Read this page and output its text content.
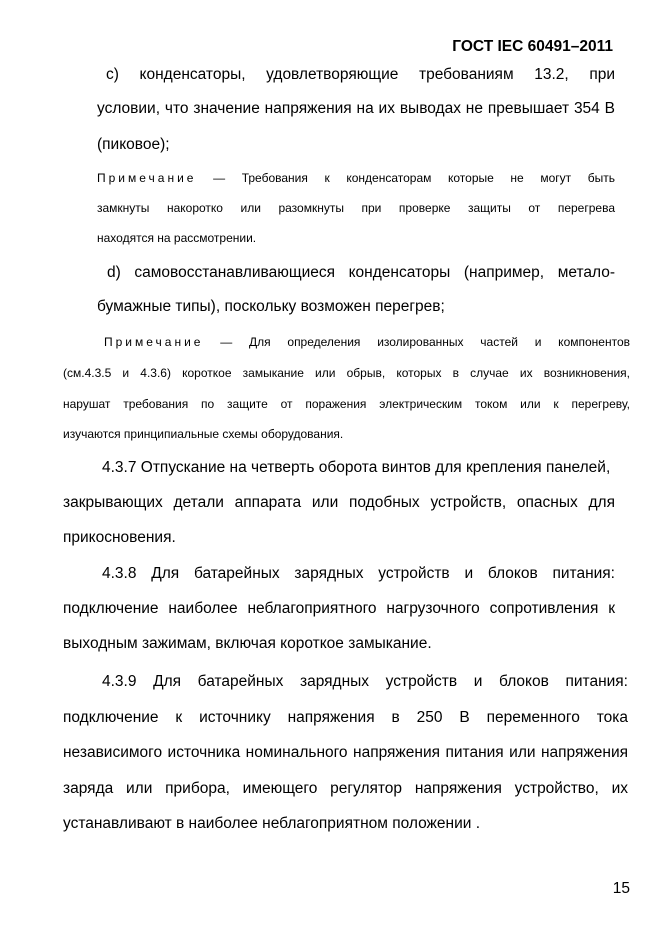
ГОСТ IEC 60491–2011
c) конденсаторы, удовлетворяющие требованиям 13.2, при
условии, что значение напряжения на их выводах не превышает 354 В
(пиковое);
Примечание — Требования к конденсаторам которые не могут быть
замкнуты накоротко или разомкнуты при проверке защиты от перегрева
находятся на рассмотрении.
d) самовосстанавливающиеся конденсаторы (например, метало-
бумажные типы), поскольку возможен перегрев;
Примечание — Для определения изолированных частей и компонентов
(см.4.3.5 и 4.3.6) короткое замыкание или обрыв, которых в случае их возникновения,
нарушат требования по защите от поражения электрическим током или к перегреву,
изучаются принципиальные схемы оборудования.
4.3.7 Отпускание на четверть оборота винтов для крепления панелей,
закрывающих детали аппарата или подобных устройств, опасных для
прикосновения.
4.3.8 Для батарейных зарядных устройств и блоков питания:
подключение наиболее неблагоприятного нагрузочного сопротивления к
выходным зажимам, включая короткое замыкание.
4.3.9 Для батарейных зарядных устройств и блоков питания:
подключение к источнику напряжения в 250 В переменного тока
независимого источника номинального напряжения питания или напряжения
заряда или прибора, имеющего регулятор напряжения устройство, их
устанавливают в наиболее неблагоприятном положении .
15
